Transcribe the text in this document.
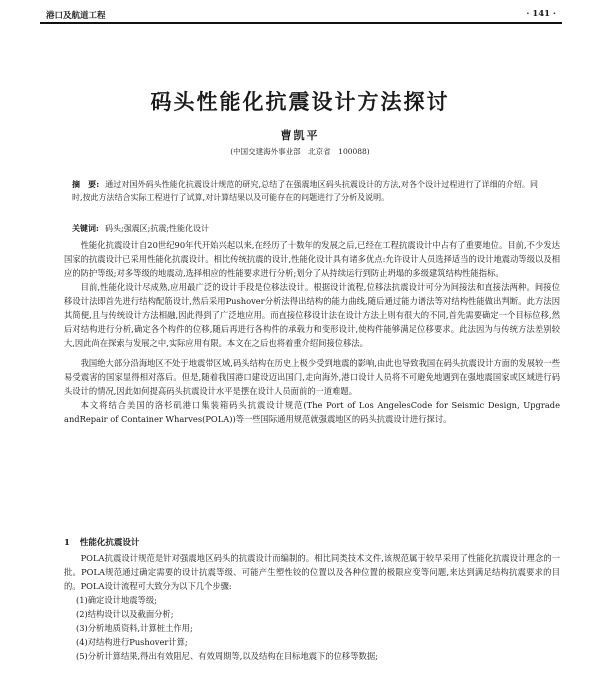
港口及航道工程	· 141 ·
码头性能化抗震设计方法探讨
曹凯平
(中国交建海外事业部　北京省　100088)
摘　要: 通过对国外码头性能化抗震设计规范的研究,总结了在强震地区码头抗震设计的方法,对各个设计过程进行了详细的介绍。同时,按此方法结合实际工程进行了试算,对计算结果以及可能存在的问题进行了分析及说明。
关键词: 码头;强震区;抗震;性能化设计

性能化抗震设计自20世纪90年代开始兴起以来,在经历了十数年的发展之后,已经在工程抗震设计中占有了重要地位。目前,不少发达国家的抗震设计已采用性能化抗震设计。相比传统抗震的设计,性能化设计具有诸多优点:允许设计人员选择适当的设计地震动等级以及相应的防护等级;对多等级的地震动,选择相应的性能要求进行分析;划分了从持续运行到防止坍塌的多级建筑结构性能指标。

目前,性能化设计尽成熟,应用最广泛的设计手段是位移法设计。根据设计流程,位移法抗震设计可分为间接法和直接法两种。间接位移设计法即首先进行结构配筋设计,然后采用Pushover分析法得出结构的能力曲线,随后通过能力谱法等对结构性能做出判断。此方法因其简便,且与传统设计方法相融,因此得到了广泛地应用。而直接位移设计法在设计方法上则有很大的不同,首先需要确定一个目标位移,然后对结构进行分析,确定各个构件的位移,随后再进行各构件的承载力和变形设计,使构件能够满足位移要求。此法因为与传统方法差别较大,因此尚在探索与发展之中,实际应用有限。本文在之后也将着重介绍间接位移法。

我国绝大部分沿海地区不处于地震带区域,码头结构在历史上极少受到地震的影响,由此也导致我国在码头抗震设计方面的发展较一些易受震害的国家显得相对落后。但是,随着我国港口建设迈出国门,走向海外,港口设计人员将不可避免地遇到在强地震国家或区域进行码头设计的情况,因此如何提高码头抗震设计水平是摆在设计人员面前的一道难题。

本文将结合美国的洛杉矶港口集装箱码头抗震设计规范(The Port of Los AngelesCode for Seismic Design, Upgrade andRepair of Container Wharves(POLA))等一些国际通用规范就强震地区的码头抗震设计进行探讨。

1 性能化抗震设计

POLA抗震设计规范是针对强震地区码头的抗震设计而编制的。相比同类技术文件,该规范属于较早采用了性能化抗震设计理念的一批。POLA规范通过确定需要的设计抗震等级、可能产生塑性铰的位置以及各种位置的极限应变等问题,来达到满足结构抗震要求的目的。POLA设计流程可大致分为以下几个步骤:

(1)确定设计地震等级;
(2)结构设计以及截面分析;
(3)分析地质资料,计算桩土作用;
(4)对结构进行Pushover计算;
(5)分析计算结果,得出有效阻尼、有效周期等,以及结构在目标地震下的位移等数据;
